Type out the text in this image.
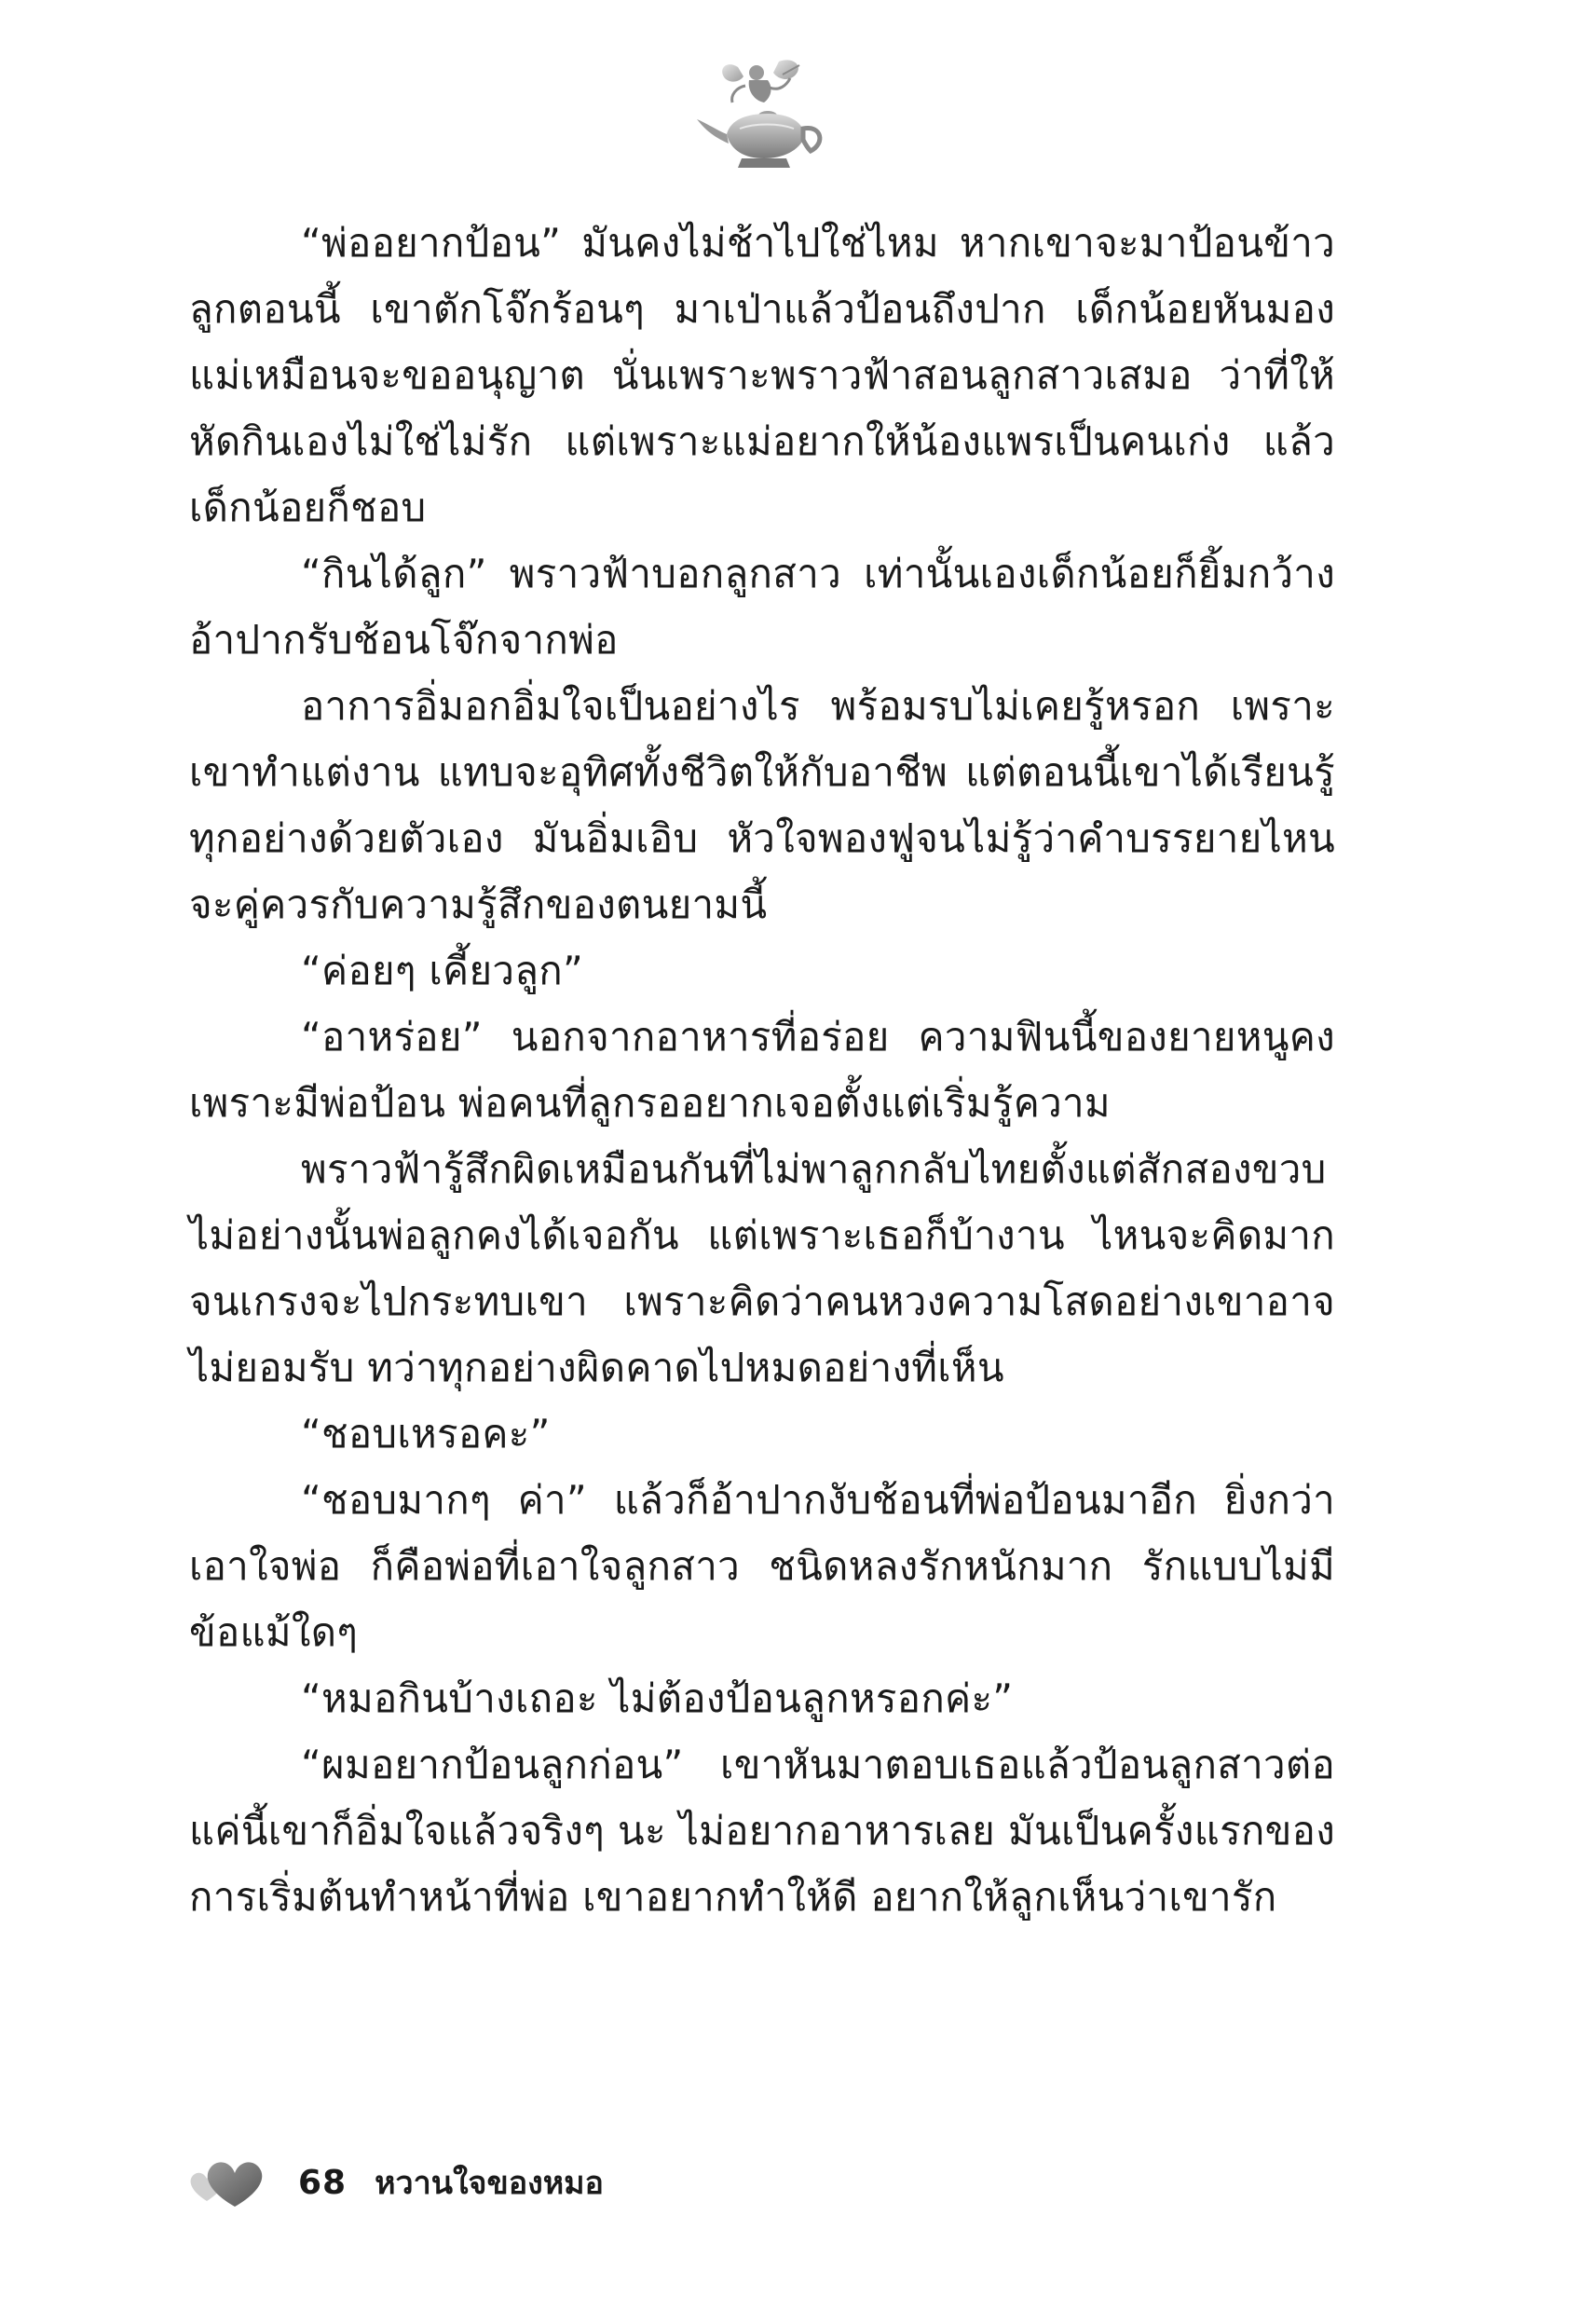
“พ่ออยากป้อน” มันคงไม่ช้าไปใช่ไหม หากเขาจะมาป้อนข้าวลูกตอนนี้ เขาตักโจ๊กร้อนๆ มาเป่าแล้วป้อนถึงปาก เด็กน้อยหันมองแม่เหมือนจะขออนุญาต นั่นเพราะพราวฟ้าสอนลูกสาวเสมอ ว่าที่ให้หัดกินเองไม่ใช่ไม่รัก แต่เพราะแม่อยากให้น้องแพรเป็นคนเก่ง แล้วเด็กน้อยก็ชอบ

“กินได้ลูก” พราวฟ้าบอกลูกสาว เท่านั้นเองเด็กน้อยก็ยิ้มกว้างอ้าปากรับช้อนโจ๊กจากพ่อ

อาการอิ่มอกอิ่มใจเป็นอย่างไร พร้อมรบไม่เคยรู้หรอก เพราะเขาทำแต่งาน แทบจะอุทิศทั้งชีวิตให้กับอาชีพ แต่ตอนนี้เขาได้เรียนรู้ทุกอย่างด้วยตัวเอง มันอิ่มเอิบ หัวใจพองฟูจนไม่รู้ว่าคำบรรยายไหนจะคู่ควรกับความรู้สึกของตนยามนี้

“ค่อยๆ เคี้ยวลูก”

“อาหร่อย” นอกจากอาหารที่อร่อย ความฟินนี้ของยายหนูคงเพราะมีพ่อป้อน พ่อคนที่ลูกรออยากเจอตั้งแต่เริ่มรู้ความ

พราวฟ้ารู้สึกผิดเหมือนกันที่ไม่พาลูกกลับไทยตั้งแต่สักสองขวบไม่อย่างนั้นพ่อลูกคงได้เจอกัน แต่เพราะเธอก็บ้างาน ไหนจะคิดมากจนเกรงจะไปกระทบเขา เพราะคิดว่าคนหวงความโสดอย่างเขาอาจไม่ยอมรับ ทว่าทุกอย่างผิดคาดไปหมดอย่างที่เห็น

“ชอบเหรอคะ”

“ชอบมากๆ ค่า” แล้วก็อ้าปากงับช้อนที่พ่อป้อนมาอีก ยิ่งกว่าเอาใจพ่อ ก็คือพ่อที่เอาใจลูกสาว ชนิดหลงรักหนักมาก รักแบบไม่มีข้อแม้ใดๆ

“หมอกินบ้างเถอะ ไม่ต้องป้อนลูกหรอกค่ะ”

“ผมอยากป้อนลูกก่อน” เขาหันมาตอบเธอแล้วป้อนลูกสาวต่อ แค่นี้เขาก็อิ่มใจแล้วจริงๆ นะ ไม่อยากอาหารเลย มันเป็นครั้งแรกของการเริ่มต้นทำหน้าที่พ่อ เขาอยากทำให้ดี อยากให้ลูกเห็นว่าเขารัก

68 หวานใจของหมอ
